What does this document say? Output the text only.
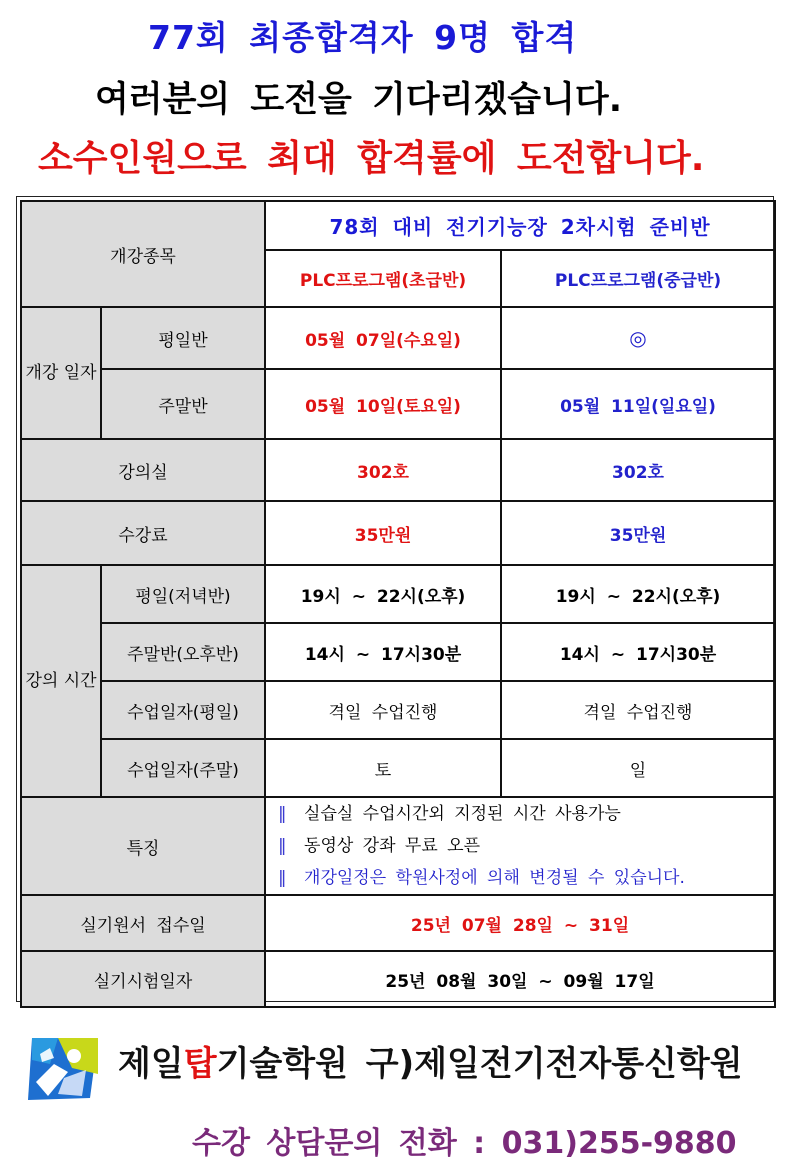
77회 최종합격자 9명 합격
여러분의 도전을 기다리겠습니다.
소수인원으로 최대 합격률에 도전합니다.
개강종목		78회 대비 전기기능장 2차시험 준비반	
		PLC프로그램(초급반)	PLC프로그램(중급반)
개강 일자	평일반	05월 07일(수요일)	◎
	주말반	05월 10일(토요일)	05월 11일(일요일)
강의실		302호	302호
수강료		35만원	35만원
강의 시간	평일(저녁반)	19시 ~ 22시(오후)	19시 ~ 22시(오후)
	주말반(오후반)	14시 ~ 17시30분	14시 ~ 17시30분
	수업일자(평일)	격일 수업진행	격일 수업진행
	수업일자(주말)	토	일
특징		‖ 실습실 수업시간외 지정된 시간 사용가능
‖ 동영상 강좌 무료 오픈
‖ 개강일정은 학원사정에 의해 변경될 수 있습니다.	

실기원서 접수일		25년 07월 28일 ~ 31일	
실기시험일자		25년 08월 30일 ~ 09월 17일	
제일탑기술학원 구)제일전기전자통신학원
수강 상담문의 전화 : 031)255-9880
